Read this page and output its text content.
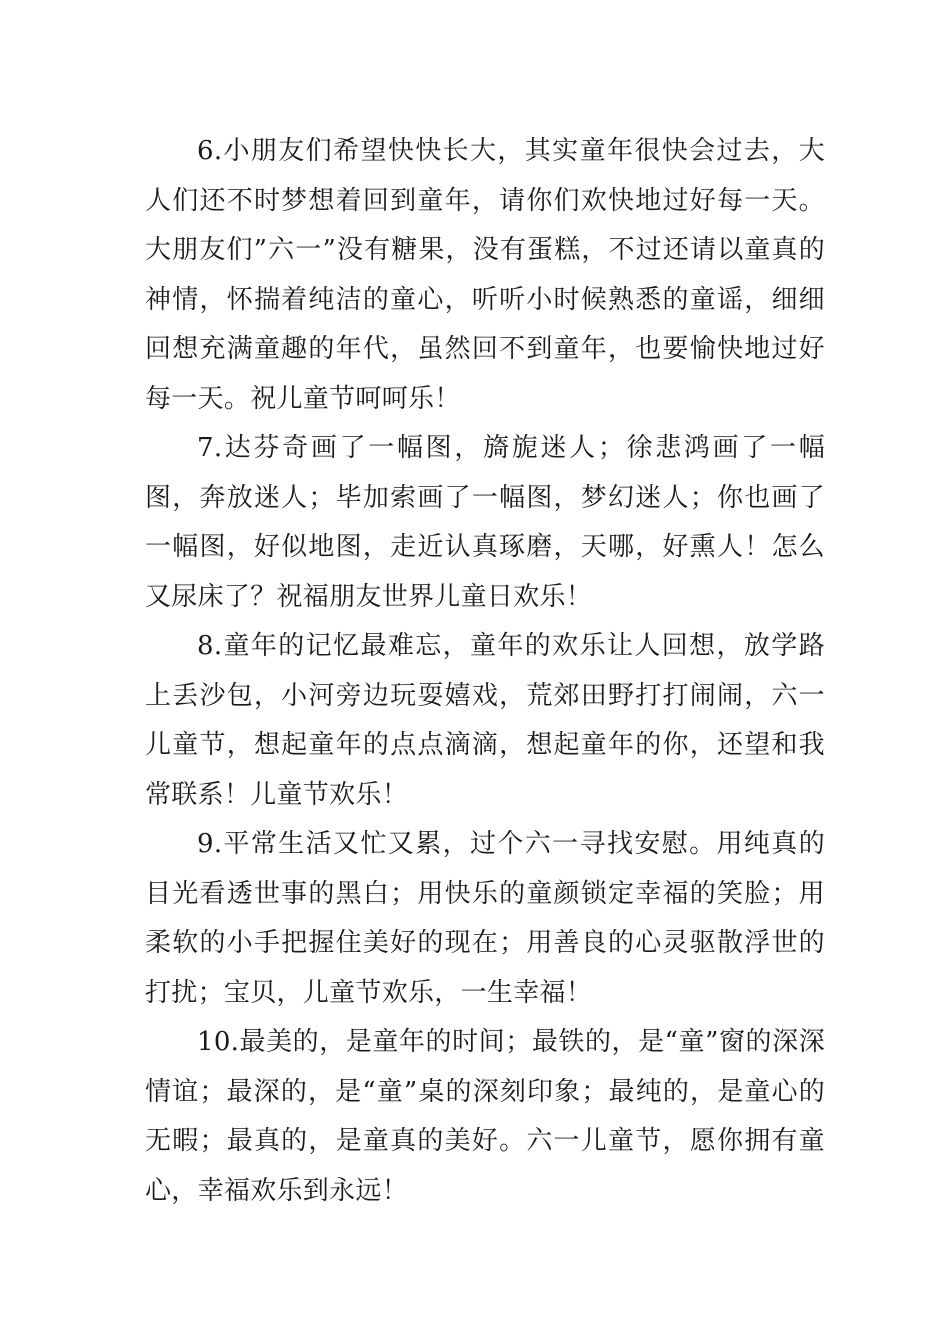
6.小朋友们希望快快长大，其实童年很快会过去，大人们还不时梦想着回到童年，请你们欢快地过好每一天。大朋友们”六一”没有糖果，没有蛋糕，不过还请以童真的神情，怀揣着纯洁的童心，听听小时候熟悉的童谣，细细回想充满童趣的年代，虽然回不到童年，也要愉快地过好每一天。祝儿童节呵呵乐！

7.达芬奇画了一幅图，旖旎迷人；徐悲鸿画了一幅图，奔放迷人；毕加索画了一幅图，梦幻迷人；你也画了一幅图，好似地图，走近认真琢磨，天哪，好熏人！怎么又尿床了？祝福朋友世界儿童日欢乐！

8.童年的记忆最难忘，童年的欢乐让人回想，放学路上丢沙包，小河旁边玩耍嬉戏，荒郊田野打打闹闹，六一儿童节，想起童年的点点滴滴，想起童年的你，还望和我常联系！儿童节欢乐！

9.平常生活又忙又累，过个六一寻找安慰。用纯真的目光看透世事的黑白；用快乐的童颜锁定幸福的笑脸；用柔软的小手把握住美好的现在；用善良的心灵驱散浮世的打扰；宝贝，儿童节欢乐，一生幸福！

10.最美的，是童年的时间；最铁的，是“童”窗的深深情谊；最深的，是“童”桌的深刻印象；最纯的，是童心的无暇；最真的，是童真的美好。六一儿童节，愿你拥有童心，幸福欢乐到永远！
